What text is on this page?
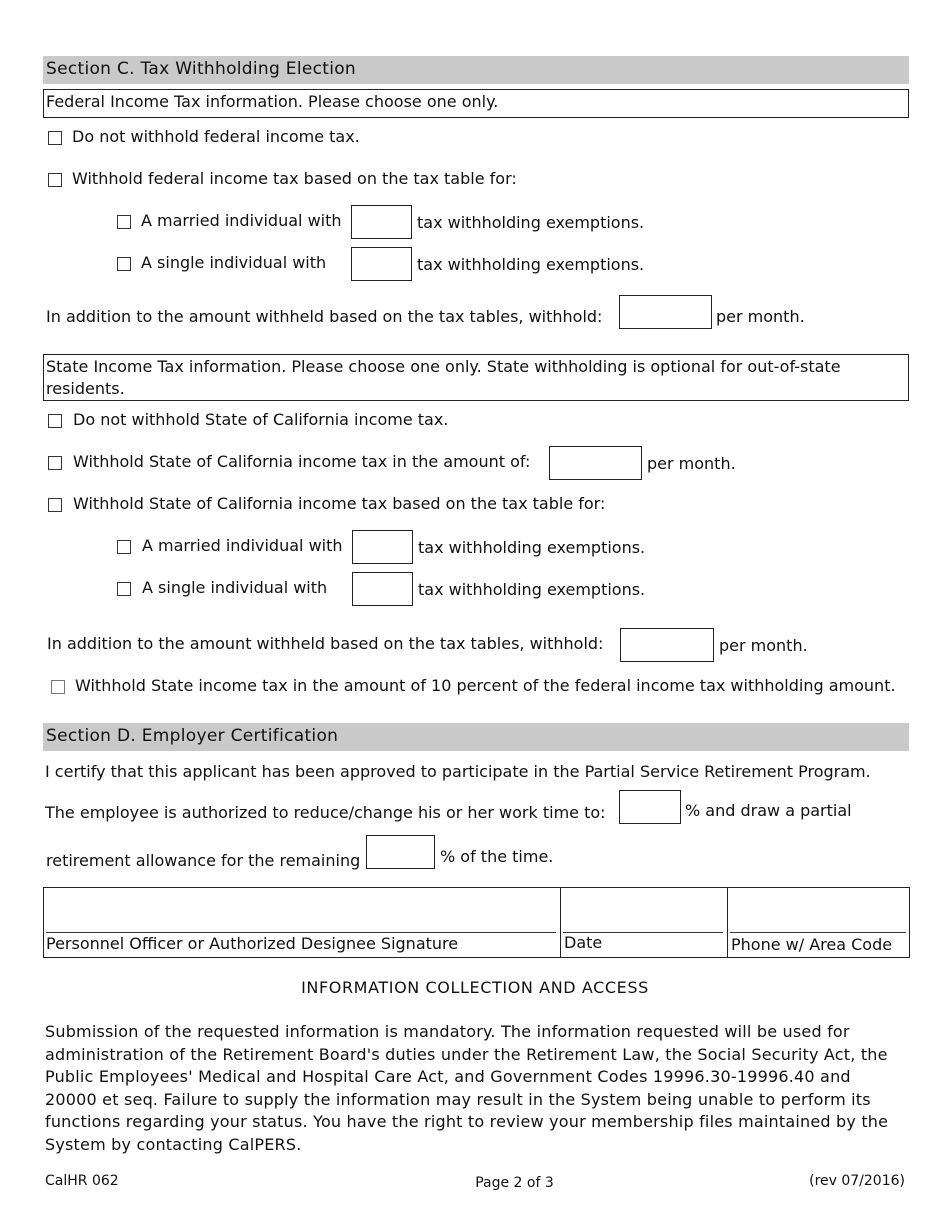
Section C. Tax Withholding Election
Federal Income Tax information. Please choose one only.
Do not withhold federal income tax.
Withhold federal income tax based on the tax table for:
A married individual with	tax withholding exemptions.
A single individual with	tax withholding exemptions.
In addition to the amount withheld based on the tax tables, withhold:	per month.
State Income Tax information. Please choose one only. State withholding is optional for out-of-state residents.
Do not withhold State of California income tax.
Withhold State of California income tax in the amount of:	per month.
Withhold State of California income tax based on the tax table for:
A married individual with	tax withholding exemptions.
A single individual with	tax withholding exemptions.
In addition to the amount withheld based on the tax tables, withhold:	per month.
Withhold State income tax in the amount of 10 percent of the federal income tax withholding amount.
Section D. Employer Certification
I certify that this applicant has been approved to participate in the Partial Service Retirement Program.
The employee is authorized to reduce/change his or her work time to:	% and draw a partial
retirement allowance for the remaining	% of the time.
Personnel Officer or Authorized Designee Signature	Date	Phone w/ Area Code
INFORMATION COLLECTION AND ACCESS
Submission of the requested information is mandatory. The information requested will be used for administration of the Retirement Board's duties under the Retirement Law, the Social Security Act, the Public Employees' Medical and Hospital Care Act, and Government Codes 19996.30-19996.40 and 20000 et seq. Failure to supply the information may result in the System being unable to perform its functions regarding your status. You have the right to review your membership files maintained by the System by contacting CalPERS.
CalHR 062	Page 2 of 3	(rev 07/2016)
